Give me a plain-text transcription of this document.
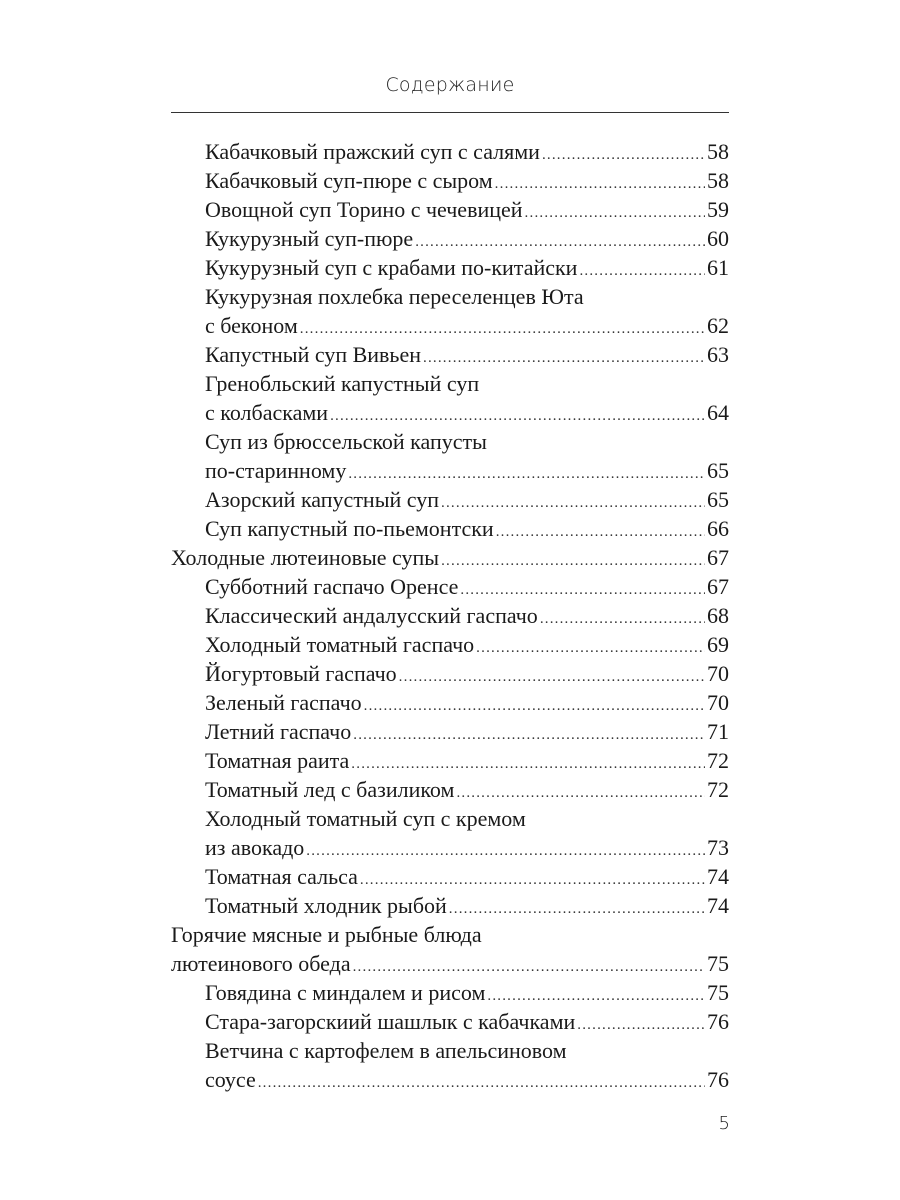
Содержание
Кабачковый пражский суп с салями .....	58
Кабачковый суп-пюре с сыром .....	58
Овощной суп Торино с чечевицей .....	59
Кукурузный суп-пюре .....	60
Кукурузный суп с крабами по-китайски .....	61
Кукурузная похлебка переселенцев Юта
с беконом .....	62
Капустный суп Вивьен .....	63
Гренобльский капустный суп
с колбасками .....	64
Суп из брюссельской капусты
по-старинному .....	65
Азорский капустный суп .....	65
Суп капустный по-пьемонтски .....	66
Холодные лютеиновые супы .....	67
Субботний гаспачо Оренсе .....	67
Классический андалусский гаспачо .....	68
Холодный томатный гаспачо .....	69
Йогуртовый гаспачо .....	70
Зеленый гаспачо .....	70
Летний гаспачо .....	71
Томатная раита .....	72
Томатный лед с базиликом .....	72
Холодный томатный суп с кремом
из авокадо .....	73
Томатная сальса .....	74
Томатный хлодник рыбой .....	74
Горячие мясные и рыбные блюда
лютеинового обеда .....	75
Говядина с миндалем и рисом .....	75
Стара-загорскиий шашлык с кабачками .....	76
Ветчина с картофелем в апельсиновом
соусе .....	76
5
